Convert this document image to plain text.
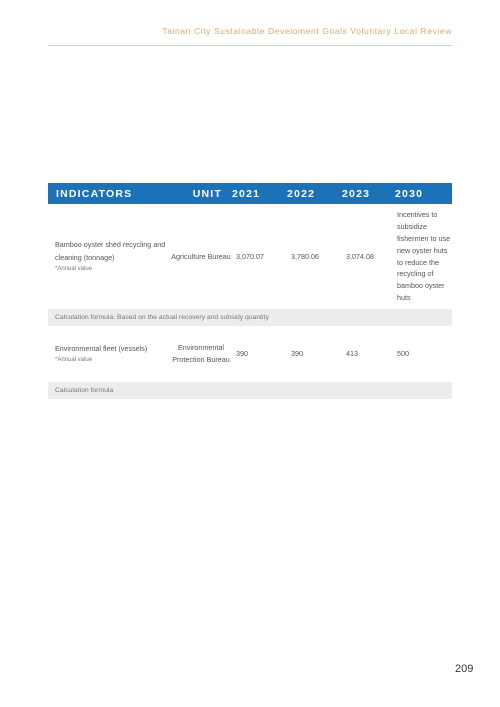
Tainan City Sustainable Develoment Goals Voluntary Local Review
INDICATORS	UNIT	2021	2022	2023	2030
Bamboo oyster shed recycling and cleaning (tonnage)
*Annual value	Agriculture Bureau	3,070.07	3,780.06	3,074.08	Incentives to subsidize fishermen to use new oyster huts to reduce the recycling of bamboo oyster huts
Calculation formula: Based on the actual recovery and subsidy quantity					
Environmental fleet (vessels)
*Annual value	Environmental Protection Bureau	390	390	413	500
Calculation formula					
209
